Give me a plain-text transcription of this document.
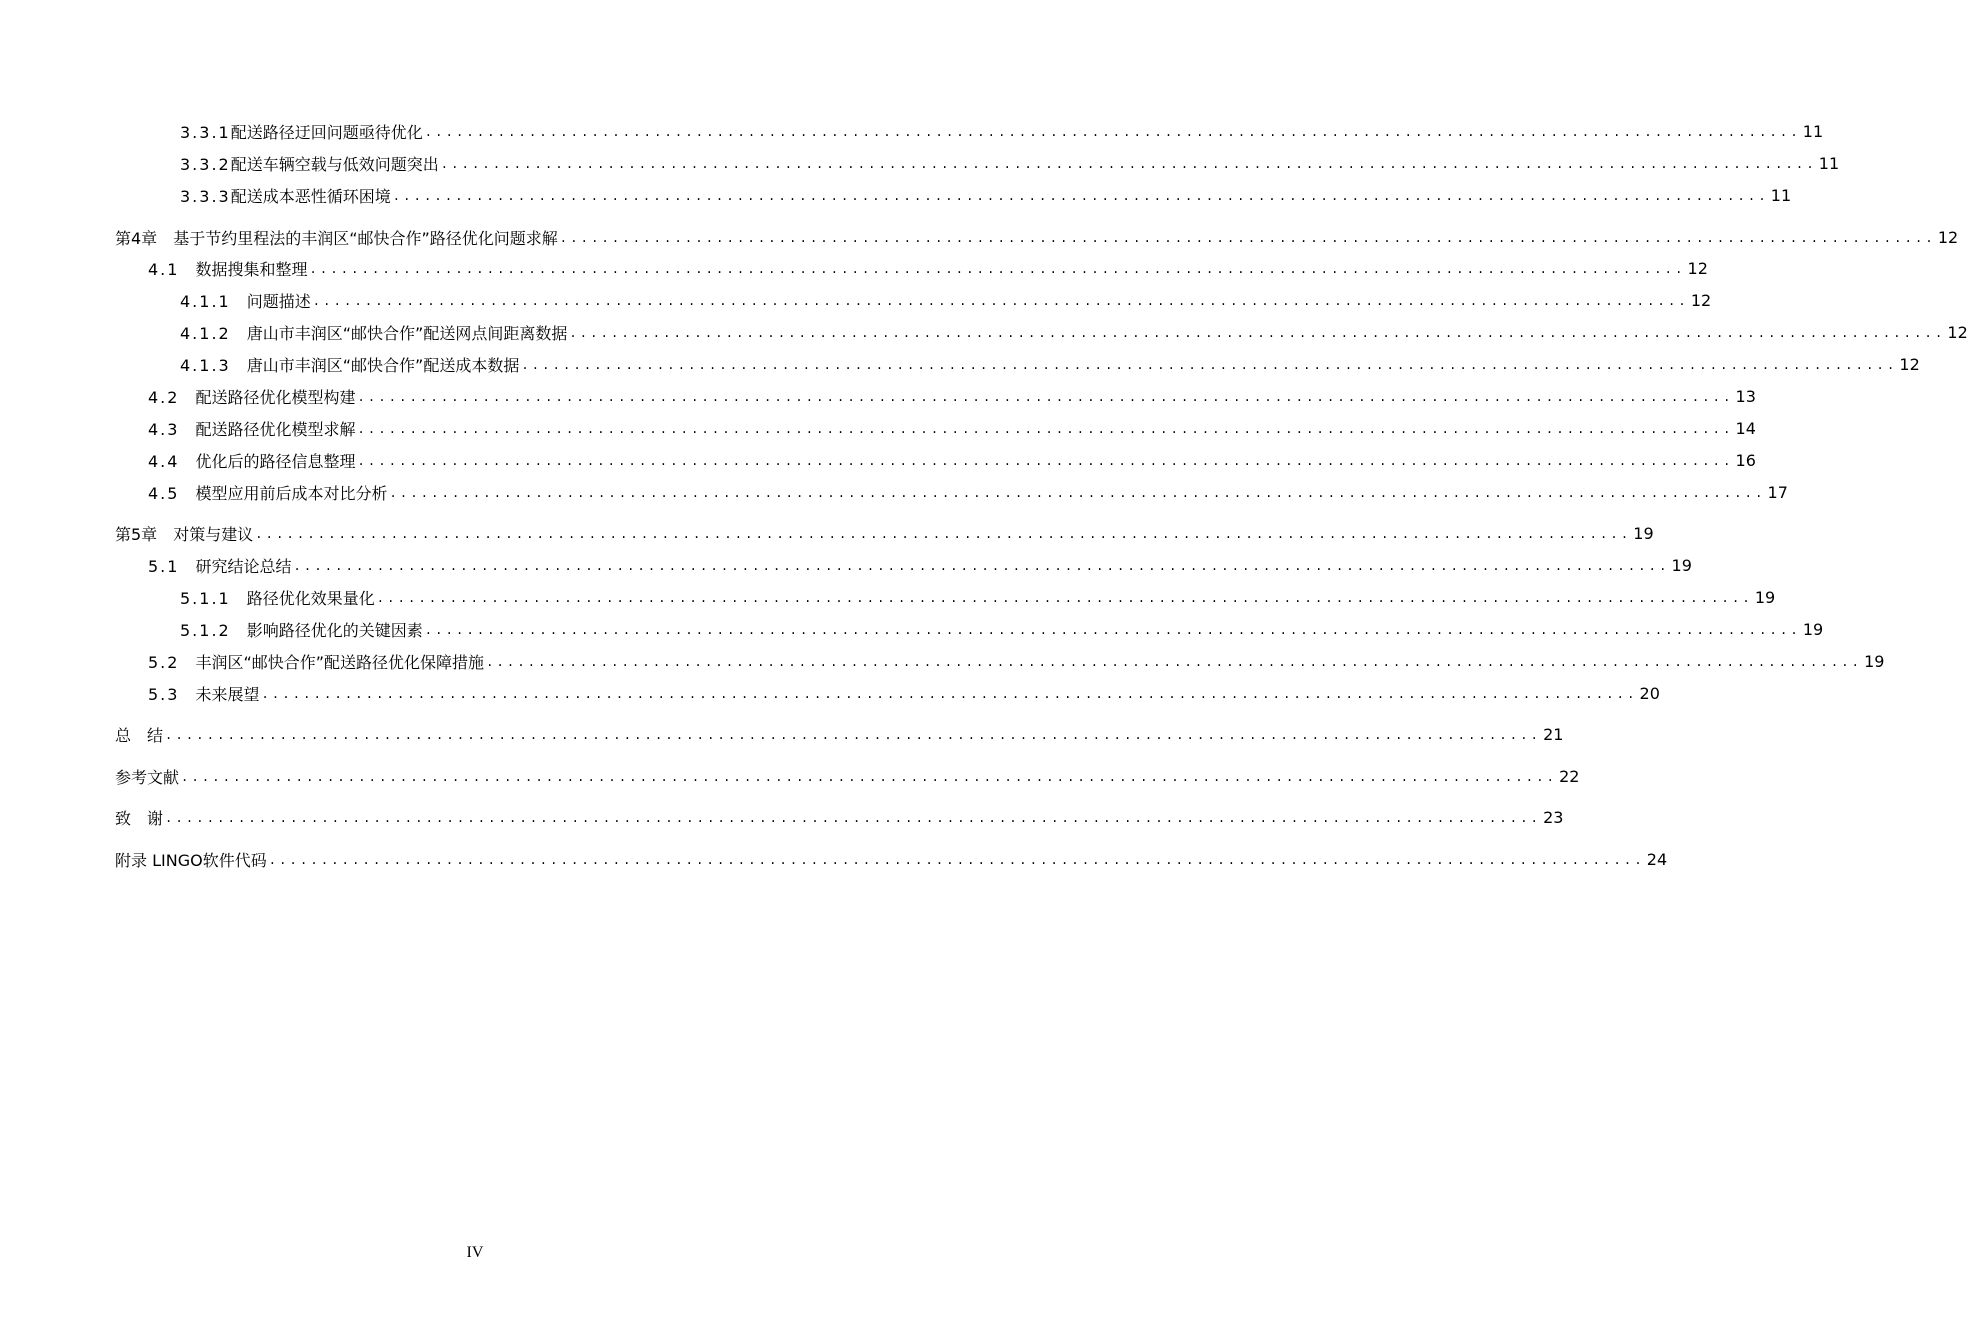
3.3.1配送路径迂回问题亟待优化 .................................................................................................................................... 11
3.3.2配送车辆空载与低效问题突出 .................................................................................................................................... 11
3.3.3配送成本恶性循环困境 .................................................................................................................................... 11
第4章　 基于节约里程法的丰润区“邮快合作”路径优化问题求解 .................................................................................................................................... 12
4.1　 数据搜集和整理 .................................................................................................................................... 12
4.1.1　 问题描述 .................................................................................................................................... 12
4.1.2　 唐山市丰润区“邮快合作”配送网点间距离数据 .................................................................................................................................... 12
4.1.3　 唐山市丰润区“邮快合作”配送成本数据 .................................................................................................................................... 12
4.2　 配送路径优化模型构建 .................................................................................................................................... 13
4.3　 配送路径优化模型求解 .................................................................................................................................... 14
4.4　 优化后的路径信息整理 .................................................................................................................................... 16
4.5　 模型应用前后成本对比分析 .................................................................................................................................... 17
第5章　 对策与建议 .................................................................................................................................... 19
5.1　 研究结论总结 .................................................................................................................................... 19
5.1.1　 路径优化效果量化 .................................................................................................................................... 19
5.1.2　 影响路径优化的关键因素 .................................................................................................................................... 19
5.2　 丰润区“邮快合作”配送路径优化保障措施 .................................................................................................................................... 19
5.3　 未来展望 .................................................................................................................................... 20
总　结 .................................................................................................................................... 21
参考文献 .................................................................................................................................... 22
致　谢 .................................................................................................................................... 23
附录 LINGO软件代码 .................................................................................................................................... 24
IV
